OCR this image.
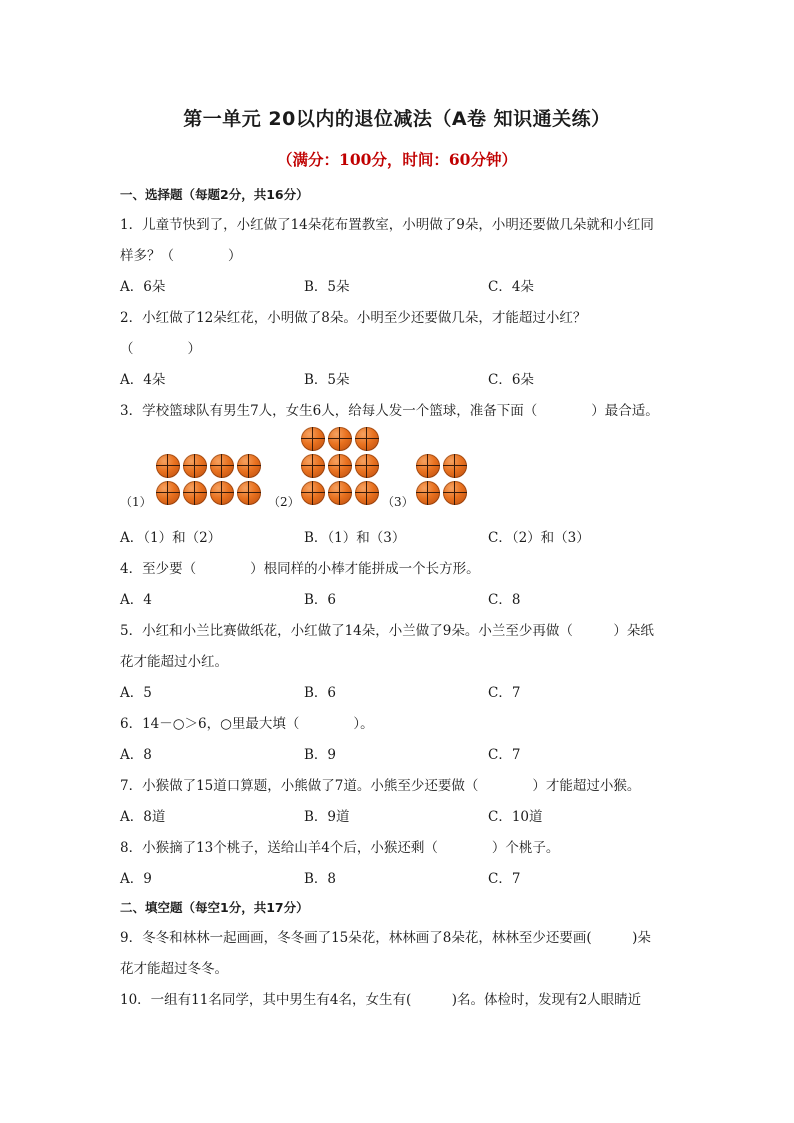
第一单元 20以内的退位减法（A卷 知识通关练）
（满分：100分，时间：60分钟）
一、选择题（每题2分，共16分）
1．儿童节快到了，小红做了14朵花布置教室，小明做了9朵，小明还要做几朵就和小红同
样多？（　　　　）
A．6朵	B．5朵	C．4朵
2．小红做了12朵红花，小明做了8朵。小明至少还要做几朵，才能超过小红？
（　　　　）
A．4朵	B．5朵	C．6朵
3．学校篮球队有男生7人，女生6人，给每人发一个篮球，准备下面（　　　　）最合适。
（1）	（2）	（3）
A．（1）和（2）	B．（1）和（3）	C．（2）和（3）
4．至少要（　　　　）根同样的小棒才能拼成一个长方形。
A．4	B．6	C．8
5．小红和小兰比赛做纸花，小红做了14朵，小兰做了9朵。小兰至少再做（　　　）朵纸
花才能超过小红。
A．5	B．6	C．7
6．14－○＞6，○里最大填（　　　　）。
A．8	B．9	C．7
7．小猴做了15道口算题，小熊做了7道。小熊至少还要做（　　　　）才能超过小猴。
A．8道	B．9道	C．10道
8．小猴摘了13个桃子，送给山羊4个后，小猴还剩（　　　　）个桃子。
A．9	B．8	C．7
二、填空题（每空1分，共17分）
9．冬冬和林林一起画画，冬冬画了15朵花，林林画了8朵花，林林至少还要画(　　　)朵
花才能超过冬冬。
10．一组有11名同学，其中男生有4名，女生有(　　　)名。体检时，发现有2人眼睛近
